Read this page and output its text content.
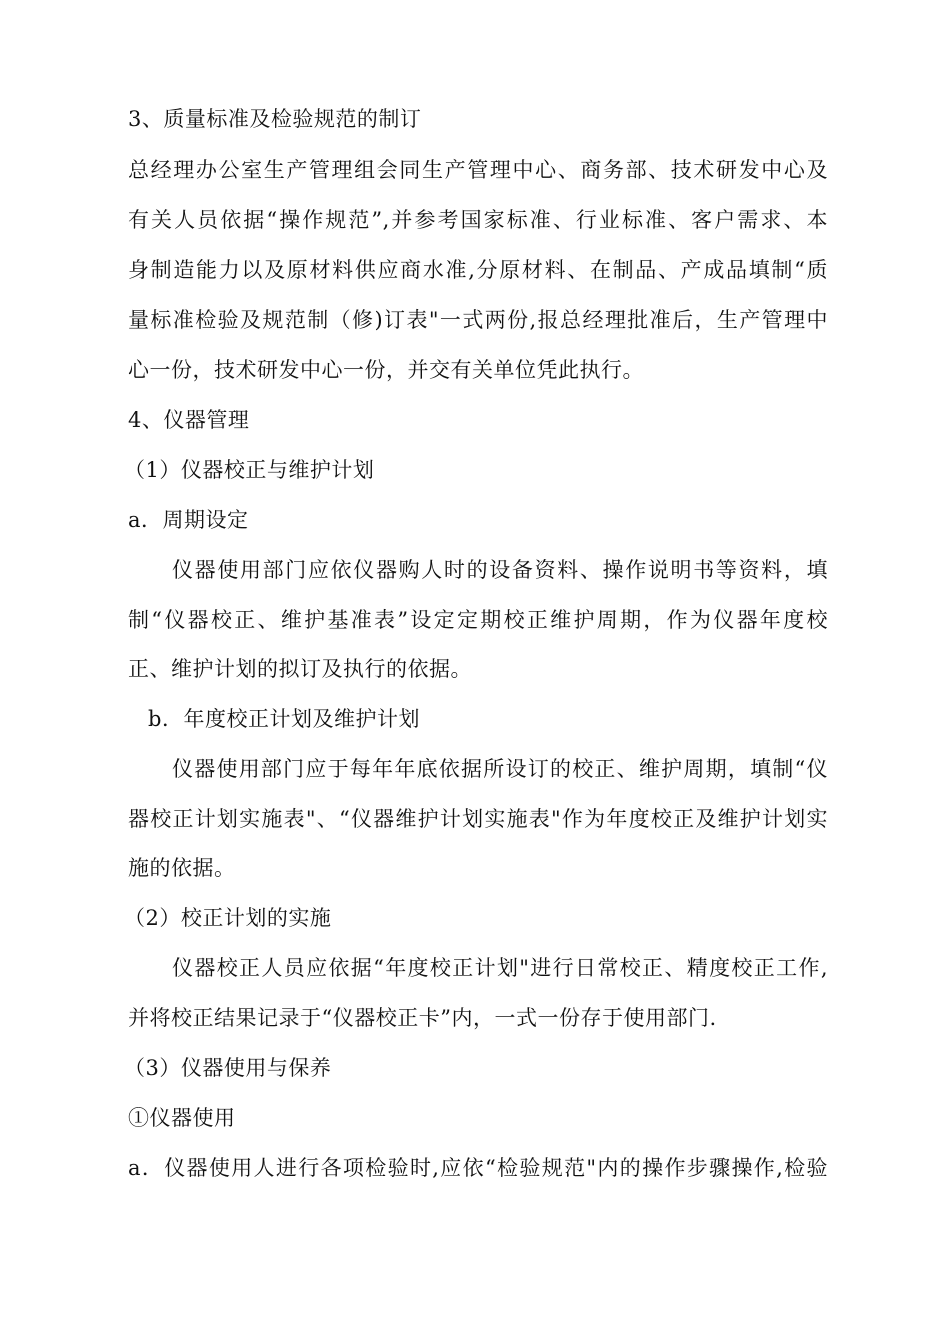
3、质量标准及检验规范的制订
总经理办公室生产管理组会同生产管理中心、商务部、技术研发中心及
有关人员依据“操作规范”,并参考国家标准、行业标准、客户需求、本
身制造能力以及原材料供应商水准,分原材料、在制品、产成品填制“质
量标准检验及规范制（修)订表"一式两份,报总经理批准后，生产管理中
心一份，技术研发中心一份，并交有关单位凭此执行。
4、仪器管理
（1）仪器校正与维护计划
a．周期设定
仪器使用部门应依仪器购人时的设备资料、操作说明书等资料，填
制“仪器校正、维护基准表”设定定期校正维护周期，作为仪器年度校
正、维护计划的拟订及执行的依据。
b．年度校正计划及维护计划
仪器使用部门应于每年年底依据所设订的校正、维护周期，填制“仪
器校正计划实施表"、“仪器维护计划实施表"作为年度校正及维护计划实
施的依据。
（2）校正计划的实施
仪器校正人员应依据“年度校正计划"进行日常校正、精度校正工作,
并将校正结果记录于“仪器校正卡”内，一式一份存于使用部门.
（3）仪器使用与保养
①仪器使用
a．仪器使用人进行各项检验时,应依“检验规范"内的操作步骤操作,检验
